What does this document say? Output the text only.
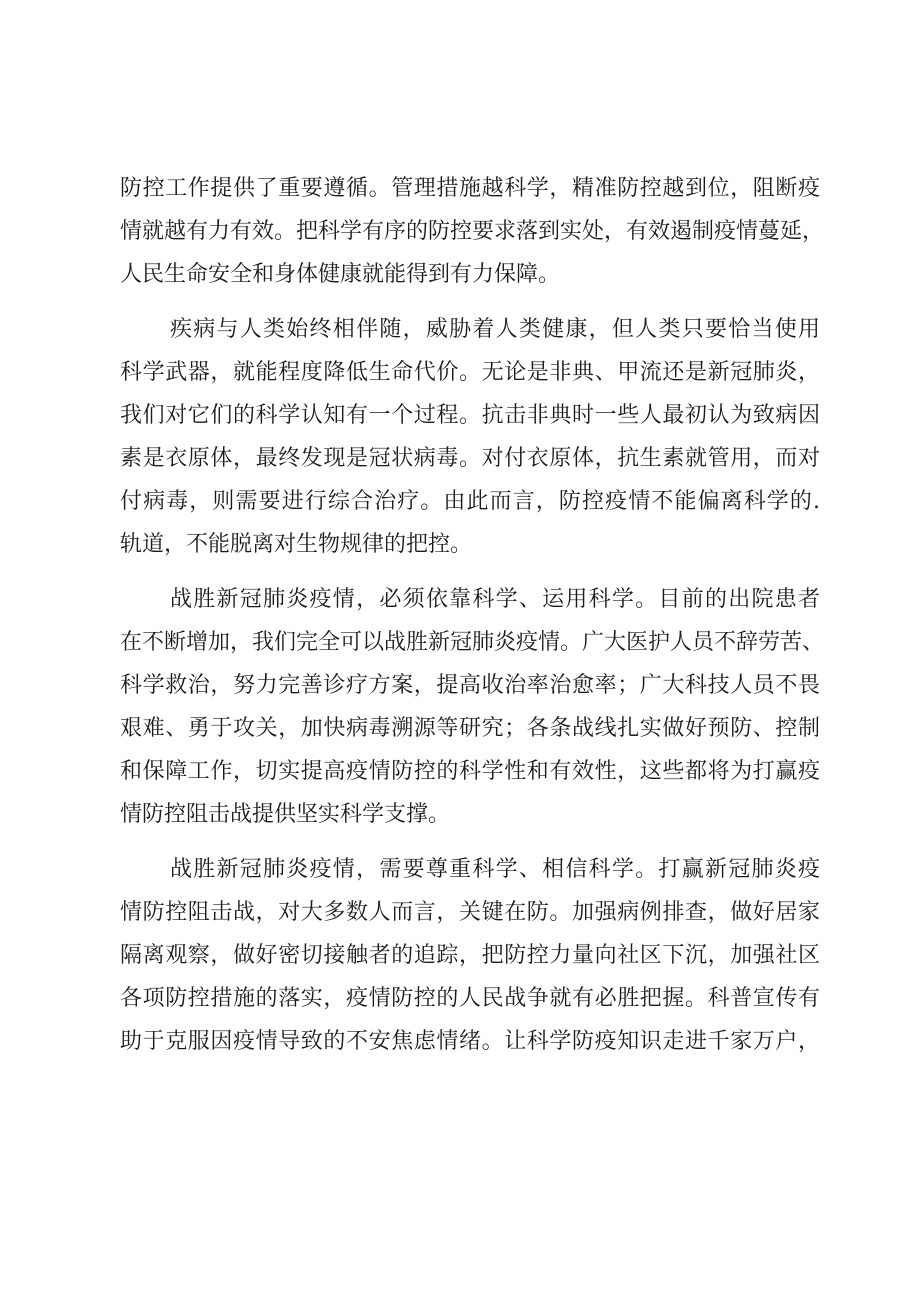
防控工作提供了重要遵循。管理措施越科学，精准防控越到位，阻断疫
情就越有力有效。把科学有序的防控要求落到实处，有效遏制疫情蔓延，
人民生命安全和身体健康就能得到有力保障。
疾病与人类始终相伴随，威胁着人类健康，但人类只要恰当使用
科学武器，就能程度降低生命代价。无论是非典、甲流还是新冠肺炎，
我们对它们的科学认知有一个过程。抗击非典时一些人最初认为致病因
素是衣原体，最终发现是冠状病毒。对付衣原体，抗生素就管用，而对
付病毒，则需要进行综合治疗。由此而言，防控疫情不能偏离科学的.
轨道，不能脱离对生物规律的把控。
战胜新冠肺炎疫情，必须依靠科学、运用科学。目前的出院患者
在不断增加，我们完全可以战胜新冠肺炎疫情。广大医护人员不辞劳苦、
科学救治，努力完善诊疗方案，提高收治率治愈率；广大科技人员不畏
艰难、勇于攻关，加快病毒溯源等研究；各条战线扎实做好预防、控制
和保障工作，切实提高疫情防控的科学性和有效性，这些都将为打赢疫
情防控阻击战提供坚实科学支撑。
战胜新冠肺炎疫情，需要尊重科学、相信科学。打赢新冠肺炎疫
情防控阻击战，对大多数人而言，关键在防。加强病例排查，做好居家
隔离观察，做好密切接触者的追踪，把防控力量向社区下沉，加强社区
各项防控措施的落实，疫情防控的人民战争就有必胜把握。科普宣传有
助于克服因疫情导致的不安焦虑情绪。让科学防疫知识走进千家万户，
